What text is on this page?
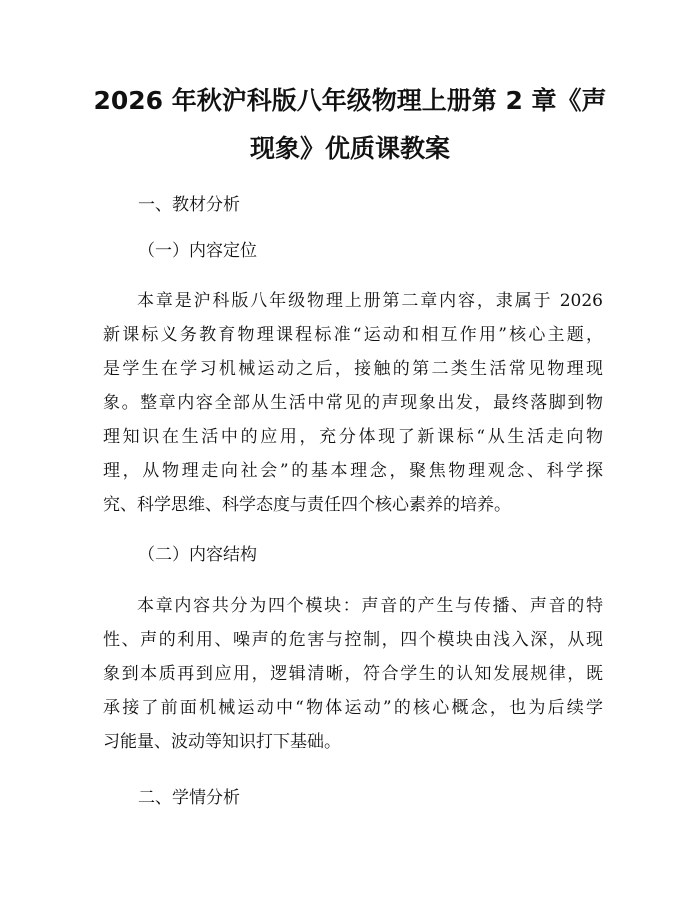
2026 年秋沪科版八年级物理上册第 2 章《声
现象》优质课教案
一、教材分析
（一）内容定位
本章是沪科版八年级物理上册第二章内容，隶属于 2026
新课标义务教育物理课程标准“运动和相互作用”核心主题，
是学生在学习机械运动之后，接触的第二类生活常见物理现
象。整章内容全部从生活中常见的声现象出发，最终落脚到物
理知识在生活中的应用，充分体现了新课标“从生活走向物
理，从物理走向社会”的基本理念，聚焦物理观念、科学探
究、科学思维、科学态度与责任四个核心素养的培养。
（二）内容结构
本章内容共分为四个模块：声音的产生与传播、声音的特
性、声的利用、噪声的危害与控制，四个模块由浅入深，从现
象到本质再到应用，逻辑清晰，符合学生的认知发展规律，既
承接了前面机械运动中“物体运动”的核心概念，也为后续学
习能量、波动等知识打下基础。
二、学情分析
